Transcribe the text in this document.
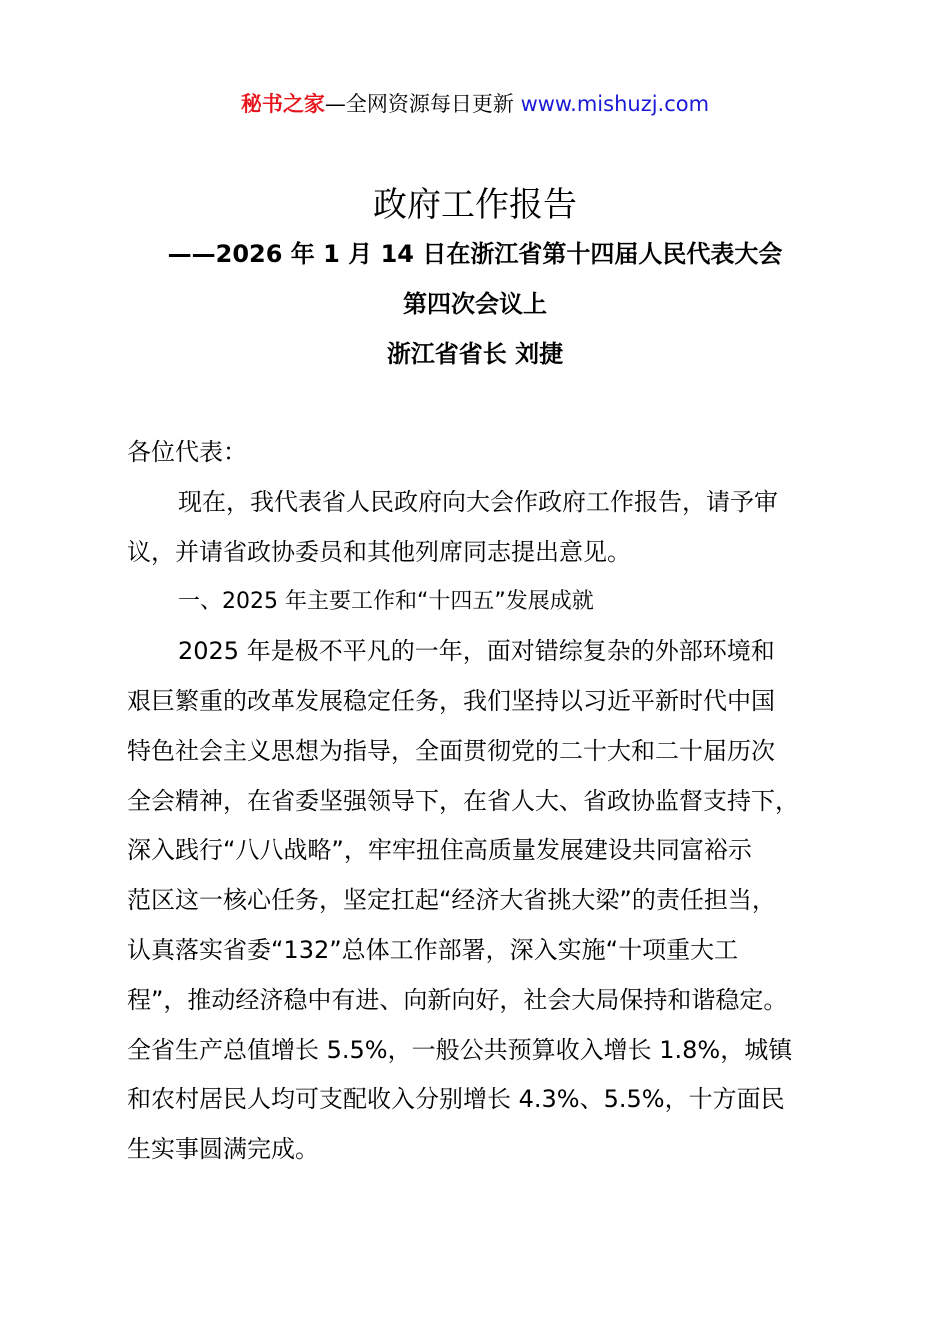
秘书之家—全网资源每日更新 www.mishuzj.com
政府工作报告
——2026 年 1 月 14 日在浙江省第十四届人民代表大会
第四次会议上
浙江省省长 刘捷
各位代表：
现在，我代表省人民政府向大会作政府工作报告，请予审
议，并请省政协委员和其他列席同志提出意见。
一、2025 年主要工作和“十四五”发展成就
2025 年是极不平凡的一年，面对错综复杂的外部环境和
艰巨繁重的改革发展稳定任务，我们坚持以习近平新时代中国
特色社会主义思想为指导，全面贯彻党的二十大和二十届历次
全会精神，在省委坚强领导下，在省人大、省政协监督支持下，
深入践行“八八战略”，牢牢扭住高质量发展建设共同富裕示
范区这一核心任务，坚定扛起“经济大省挑大梁”的责任担当，
认真落实省委“132”总体工作部署，深入实施“十项重大工
程”，推动经济稳中有进、向新向好，社会大局保持和谐稳定。
全省生产总值增长 5.5%，一般公共预算收入增长 1.8%，城镇
和农村居民人均可支配收入分别增长 4.3%、5.5%，十方面民
生实事圆满完成。
